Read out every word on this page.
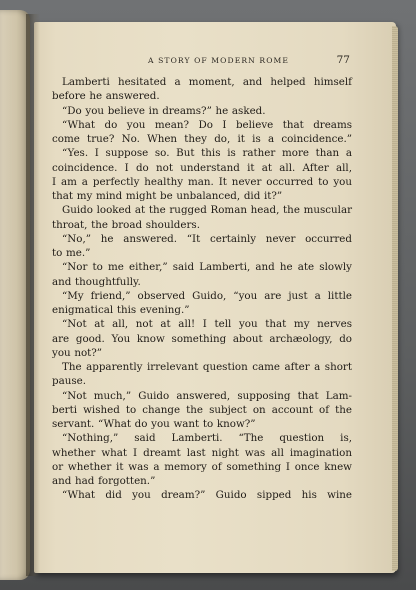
A STORY OF MODERN ROME	77
Lamberti hesitated a moment, and helped himself
before he answered.
“Do you believe in dreams?” he asked.
“What do you mean? Do I believe that dreams
come true? No. When they do, it is a coincidence.”
“Yes. I suppose so. But this is rather more than a
coincidence. I do not understand it at all. After all,
I am a perfectly healthy man. It never occurred to you
that my mind might be unbalanced, did it?”
Guido looked at the rugged Roman head, the muscular
throat, the broad shoulders.
“No,” he answered. “It certainly never occurred
to me.”
“Nor to me either,” said Lamberti, and he ate slowly
and thoughtfully.
“My friend,” observed Guido, “you are just a little
enigmatical this evening.”
“Not at all, not at all! I tell you that my nerves
are good. You know something about archæology, do
you not?”
The apparently irrelevant question came after a short
pause.
“Not much,” Guido answered, supposing that Lam-
berti wished to change the subject on account of the
servant. “What do you want to know?”
“Nothing,” said Lamberti. “The question is,
whether what I dreamt last night was all imagination
or whether it was a memory of something I once knew
and had forgotten.”
“What did you dream?” Guido sipped his wine
